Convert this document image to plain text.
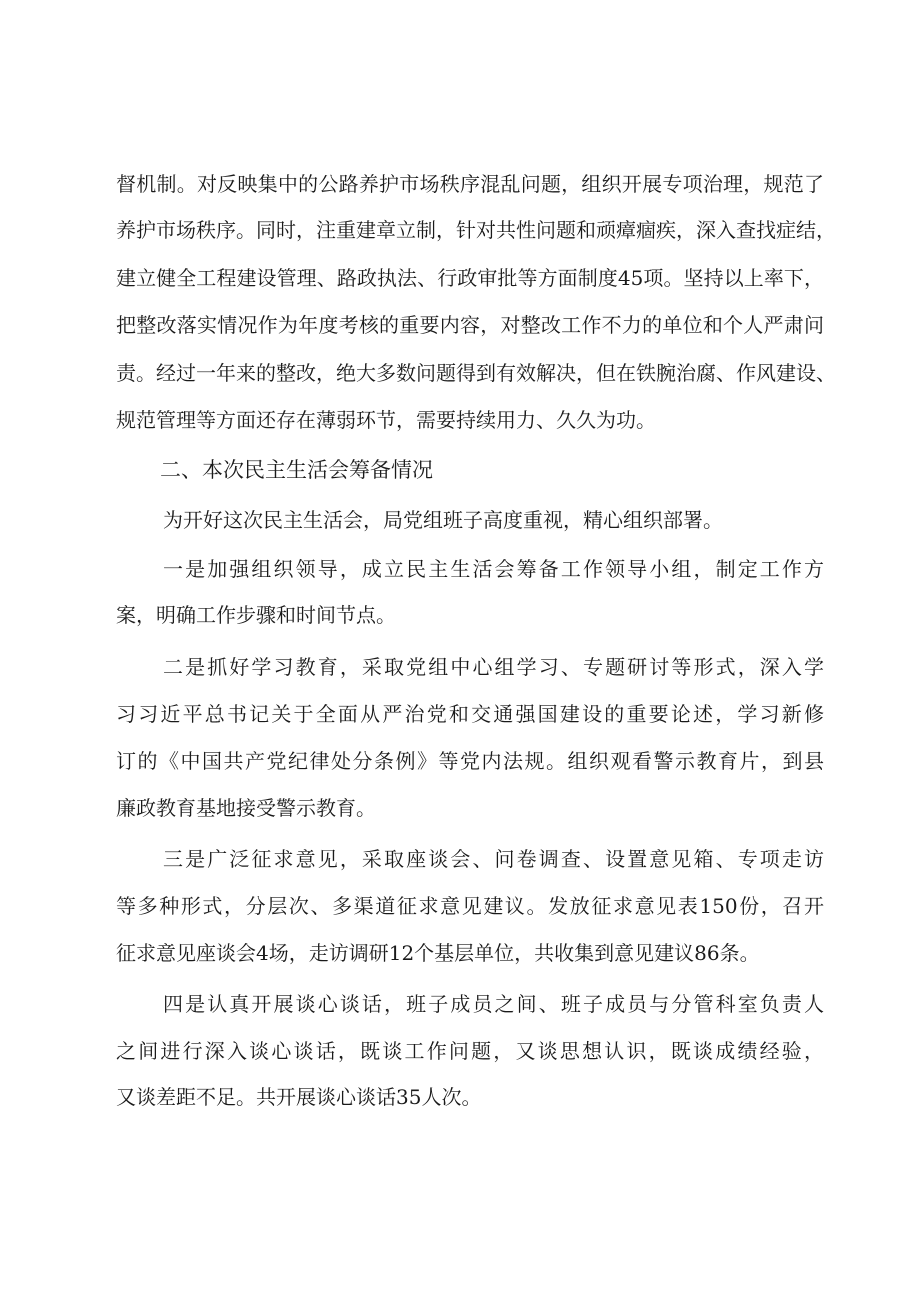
督机制。对反映集中的公路养护市场秩序混乱问题，组织开展专项治理，规范了
养护市场秩序。同时，注重建章立制，针对共性问题和顽瘴痼疾，深入查找症结，
建立健全工程建设管理、路政执法、行政审批等方面制度45项。坚持以上率下，
把整改落实情况作为年度考核的重要内容，对整改工作不力的单位和个人严肃问
责。经过一年来的整改，绝大多数问题得到有效解决，但在铁腕治腐、作风建设、
规范管理等方面还存在薄弱环节，需要持续用力、久久为功。
二、本次民主生活会筹备情况
为开好这次民主生活会，局党组班子高度重视，精心组织部署。
一是加强组织领导，成立民主生活会筹备工作领导小组，制定工作方
案，明确工作步骤和时间节点。
二是抓好学习教育，采取党组中心组学习、专题研讨等形式，深入学
习习近平总书记关于全面从严治党和交通强国建设的重要论述，学习新修
订的《中国共产党纪律处分条例》等党内法规。组织观看警示教育片，到县
廉政教育基地接受警示教育。
三是广泛征求意见，采取座谈会、问卷调查、设置意见箱、专项走访
等多种形式，分层次、多渠道征求意见建议。发放征求意见表150份，召开
征求意见座谈会4场，走访调研12个基层单位，共收集到意见建议86条。
四是认真开展谈心谈话，班子成员之间、班子成员与分管科室负责人
之间进行深入谈心谈话，既谈工作问题，又谈思想认识，既谈成绩经验，
又谈差距不足。共开展谈心谈话35人次。
